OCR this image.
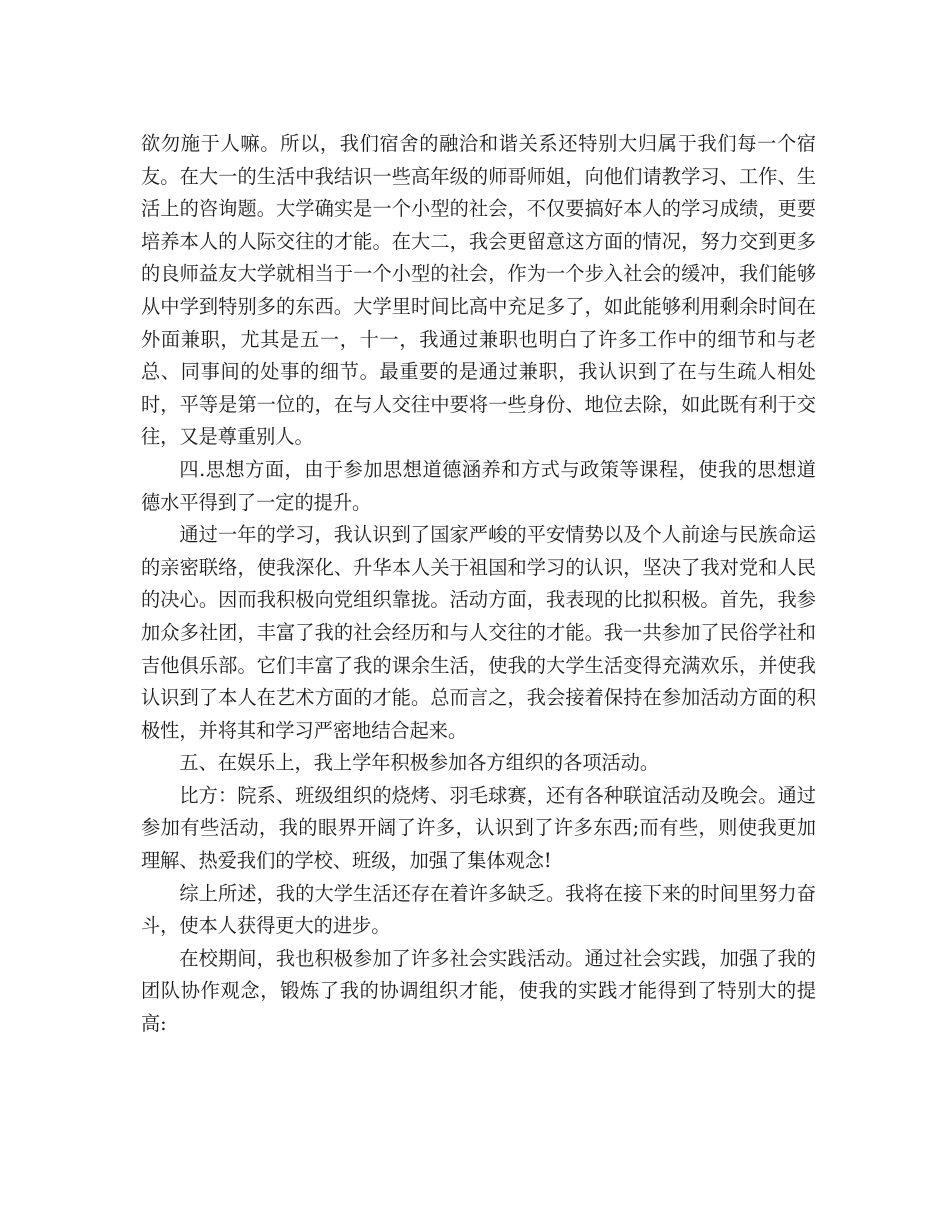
欲勿施于人嘛。所以，我们宿舍的融洽和谐关系还特别大归属于我们每一个宿友。在大一的生活中我结识一些高年级的师哥师姐，向他们请教学习、工作、生活上的咨询题。大学确实是一个小型的社会，不仅要搞好本人的学习成绩，更要培养本人的人际交往的才能。在大二，我会更留意这方面的情况，努力交到更多的良师益友大学就相当于一个小型的社会，作为一个步入社会的缓冲，我们能够从中学到特别多的东西。大学里时间比高中充足多了，如此能够利用剩余时间在外面兼职，尤其是五一，十一，我通过兼职也明白了许多工作中的细节和与老总、同事间的处事的细节。最重要的是通过兼职，我认识到了在与生疏人相处时，平等是第一位的，在与人交往中要将一些身份、地位去除，如此既有利于交往，又是尊重别人。

四.思想方面，由于参加思想道德涵养和方式与政策等课程，使我的思想道德水平得到了一定的提升。

通过一年的学习，我认识到了国家严峻的平安情势以及个人前途与民族命运的亲密联络，使我深化、升华本人关于祖国和学习的认识，坚决了我对党和人民的决心。因而我积极向党组织靠拢。活动方面，我表现的比拟积极。首先，我参加众多社团，丰富了我的社会经历和与人交往的才能。我一共参加了民俗学社和吉他俱乐部。它们丰富了我的课余生活，使我的大学生活变得充满欢乐，并使我认识到了本人在艺术方面的才能。总而言之，我会接着保持在参加活动方面的积极性，并将其和学习严密地结合起来。

五、在娱乐上，我上学年积极参加各方组织的各项活动。

比方：院系、班级组织的烧烤、羽毛球赛，还有各种联谊活动及晚会。通过参加有些活动，我的眼界开阔了许多，认识到了许多东西;而有些，则使我更加理解、热爱我们的学校、班级，加强了集体观念!

综上所述，我的大学生活还存在着许多缺乏。我将在接下来的时间里努力奋斗，使本人获得更大的进步。

在校期间，我也积极参加了许多社会实践活动。通过社会实践，加强了我的团队协作观念，锻炼了我的协调组织才能，使我的实践才能得到了特别大的提高:
